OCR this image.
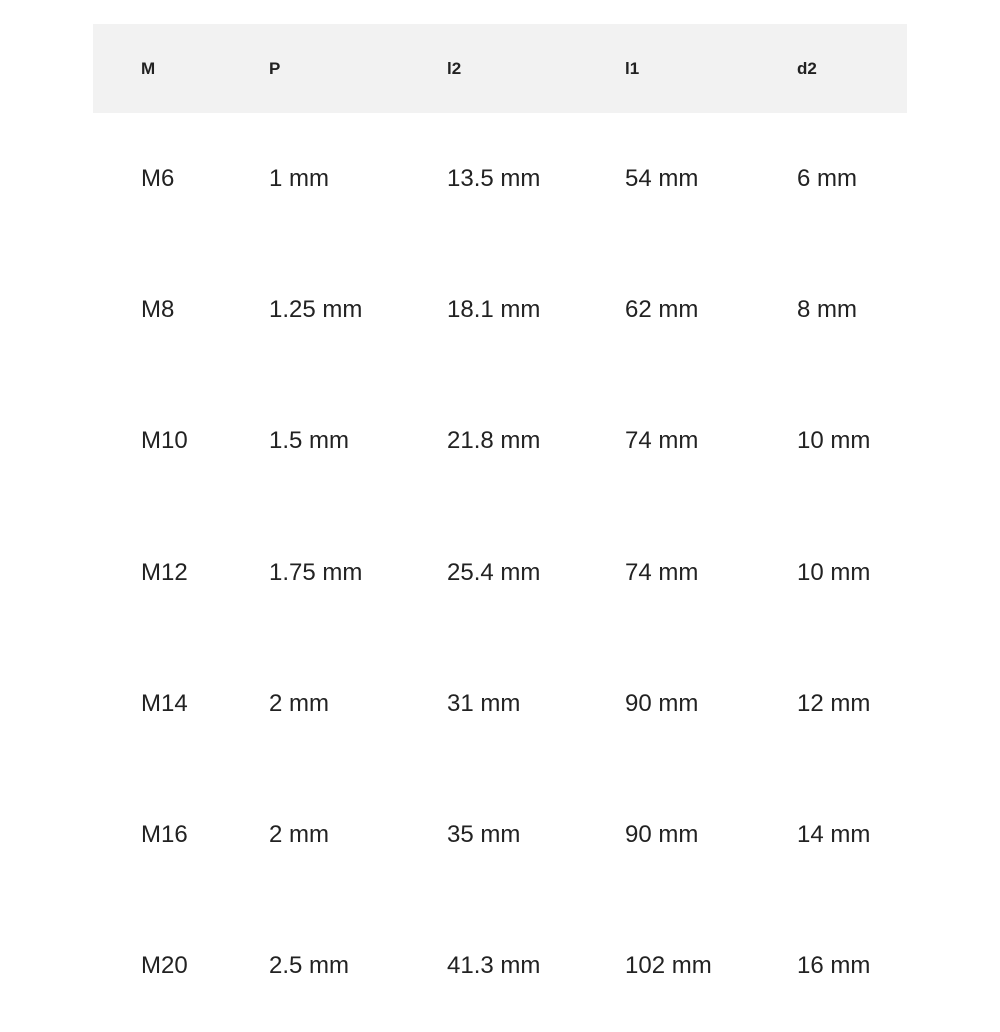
M	P	l2	l1	d2
M6	1 mm	13.5 mm	54 mm	6 mm
M8	1.25 mm	18.1 mm	62 mm	8 mm
M10	1.5 mm	21.8 mm	74 mm	10 mm
M12	1.75 mm	25.4 mm	74 mm	10 mm
M14	2 mm	31 mm	90 mm	12 mm
M16	2 mm	35 mm	90 mm	14 mm
M20	2.5 mm	41.3 mm	102 mm	16 mm
